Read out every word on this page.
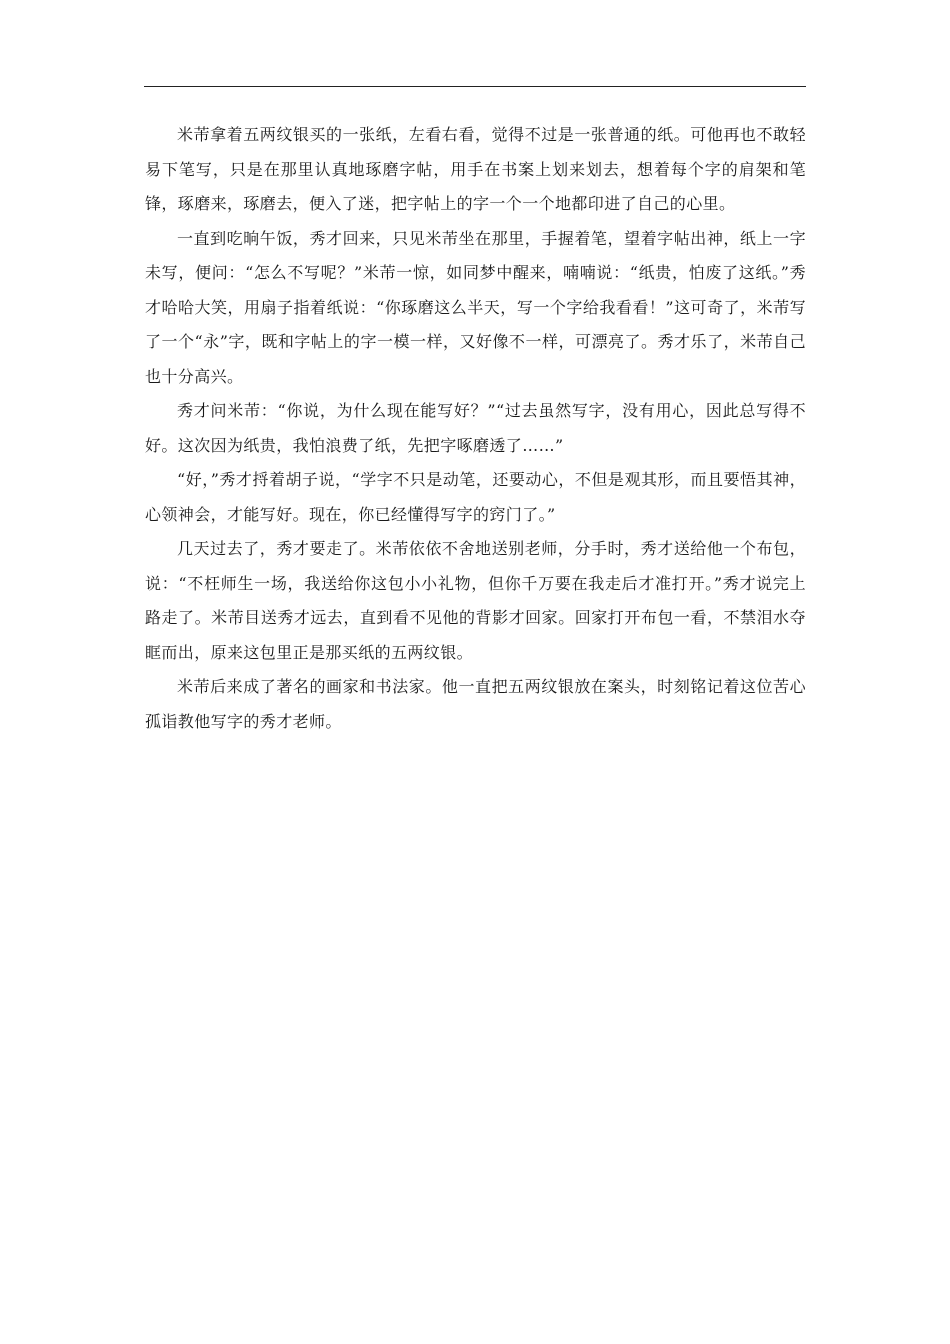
米芾拿着五两纹银买的一张纸，左看右看，觉得不过是一张普通的纸。可他再也不敢轻易下笔写，只是在那里认真地琢磨字帖，用手在书案上划来划去，想着每个字的肩架和笔锋，琢磨来，琢磨去，便入了迷，把字帖上的字一个一个地都印进了自己的心里。

一直到吃晌午饭，秀才回来，只见米芾坐在那里，手握着笔，望着字帖出神，纸上一字未写，便问：“怎么不写呢？”米芾一惊，如同梦中醒来，喃喃说：“纸贵，怕废了这纸。”秀才哈哈大笑，用扇子指着纸说：“你琢磨这么半天，写一个字给我看看！”这可奇了，米芾写了一个“永”字，既和字帖上的字一模一样，又好像不一样，可漂亮了。秀才乐了，米芾自己也十分高兴。

秀才问米芾：“你说，为什么现在能写好？”“过去虽然写字，没有用心，因此总写得不好。这次因为纸贵，我怕浪费了纸，先把字啄磨透了……”

“好，”秀才捋着胡子说，“学字不只是动笔，还要动心，不但是观其形，而且要悟其神，心领神会，才能写好。现在，你已经懂得写字的窍门了。”

几天过去了，秀才要走了。米芾依依不舍地送别老师，分手时，秀才送给他一个布包，说：“不枉师生一场，我送给你这包小小礼物，但你千万要在我走后才准打开。”秀才说完上路走了。米芾目送秀才远去，直到看不见他的背影才回家。回家打开布包一看，不禁泪水夺眶而出，原来这包里正是那买纸的五两纹银。

米芾后来成了著名的画家和书法家。他一直把五两纹银放在案头，时刻铭记着这位苦心孤诣教他写字的秀才老师。
